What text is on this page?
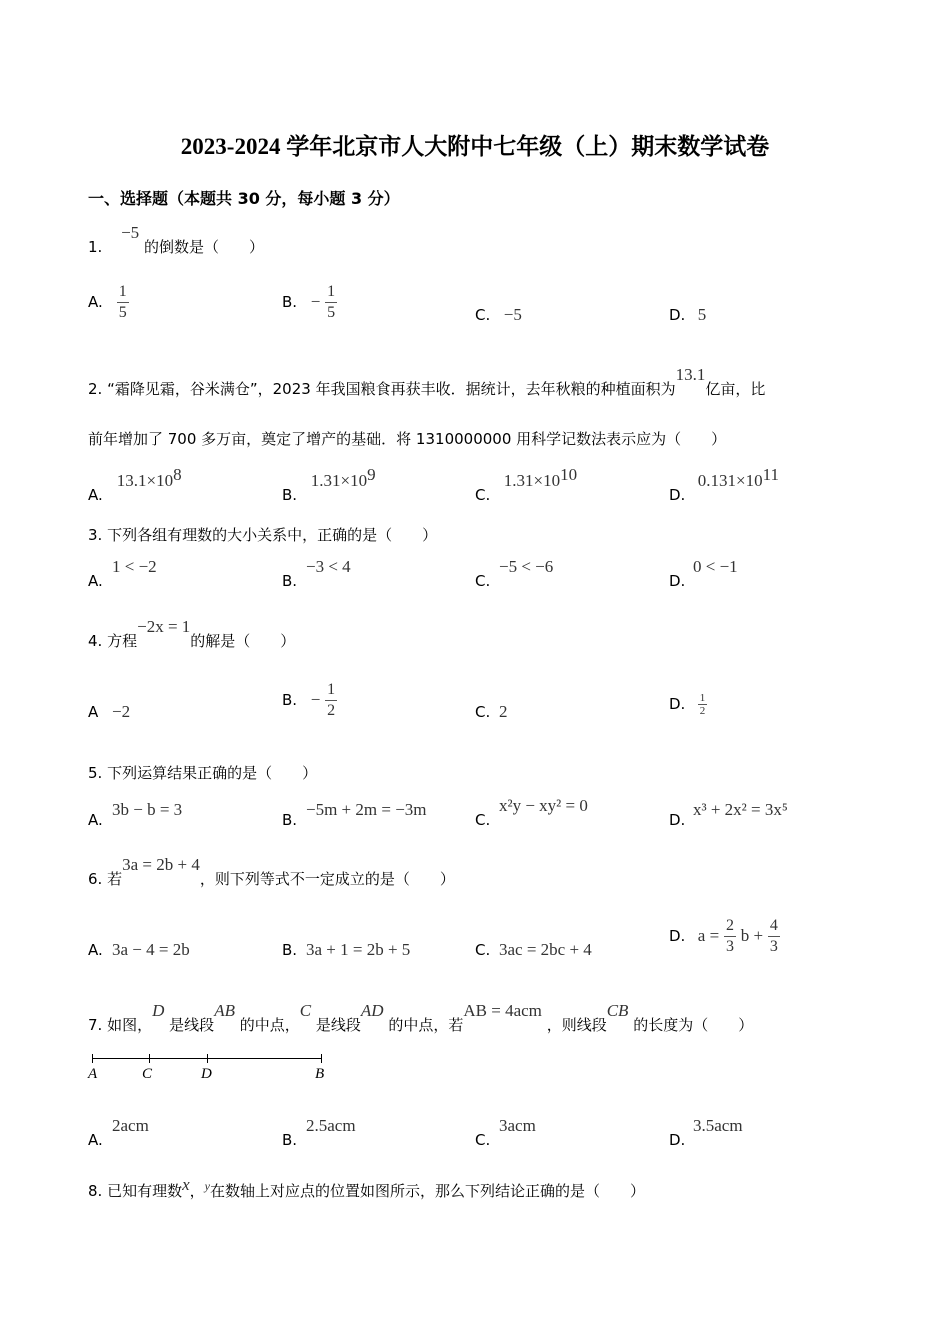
2023-2024 学年北京市人大附中七年级（上）期末数学试卷
一、选择题（本题共 30 分，每小题 3 分）
1. −5 的倒数是（　　）
A. $\frac{1}{5}$	B. − $\frac{1}{5}$	C. −5	D. 5
2. “霜降见霜，谷米满仓”，2023 年我国粮食再获丰收．据统计，去年秋粮的种植面积为13.1亿亩，比
前年增加了 700 多万亩，奠定了增产的基础．将 1310000000 用科学记数法表示应为（　　）
A. $13.1\times 10^8$
B. $1.31\times 10^9$
C. $1.31\times 10^{10}$
D. $0.131\times 10^{11}$
3. 下列各组有理数的大小关系中，正确的是（　　）
A.1 < −2
B.−3 < 4
C.−5 < −6
D.0 < −1
4. 方程−2x = 1的解是（　　）
A −2
B. − $\frac{1}{2}$	C. 2	D. $\frac{1}{2}$
5. 下列运算结果正确的是（　　）
A.3b − b = 3
B.−5m + 2m = −3m
C.x²y − xy² = 0
D.x³ + 2x² = 3x⁵
6. 若3a = 2b + 4，则下列等式不一定成立的是（　　）
A. 3a − 4 = 2b	B. 3a + 1 = 2b + 5	C. 3ac = 2bc + 4
D. $a = \frac{2}{3}$ $b + \frac{4}{3}$
7. 如图，D 是线段AB 的中点，C 是线段AD 的中点，若AB = 4acm ，则线段CB 的长度为（　　）
A	C	D	B
A.2acm
B.2.5acm
C.3acm
D.3.5acm
8. 已知有理数x，$^y$在数轴上对应点的位置如图所示，那么下列结论正确的是（　　）
